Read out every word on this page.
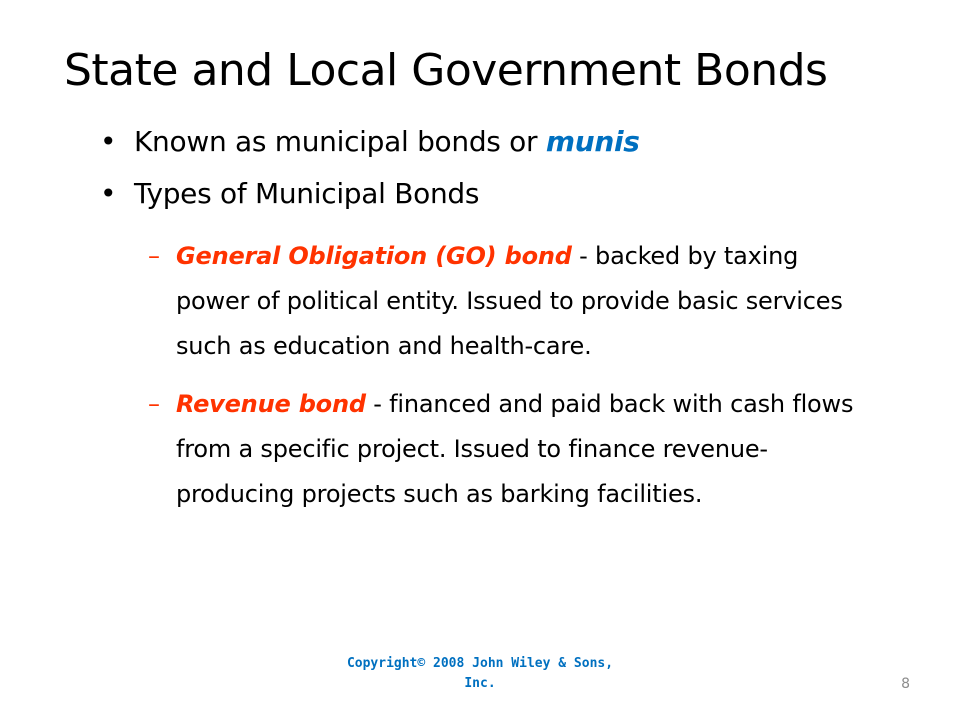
State and Local Government Bonds
• Known as municipal bonds or munis
• Types of Municipal Bonds
– General Obligation (GO) bond - backed by taxing power of political entity. Issued to provide basic services such as education and health-care.
– Revenue bond - financed and paid back with cash flows from a specific project. Issued to finance revenue-producing projects such as barking facilities.
Copyright© 2008 John Wiley & Sons, Inc.	8
